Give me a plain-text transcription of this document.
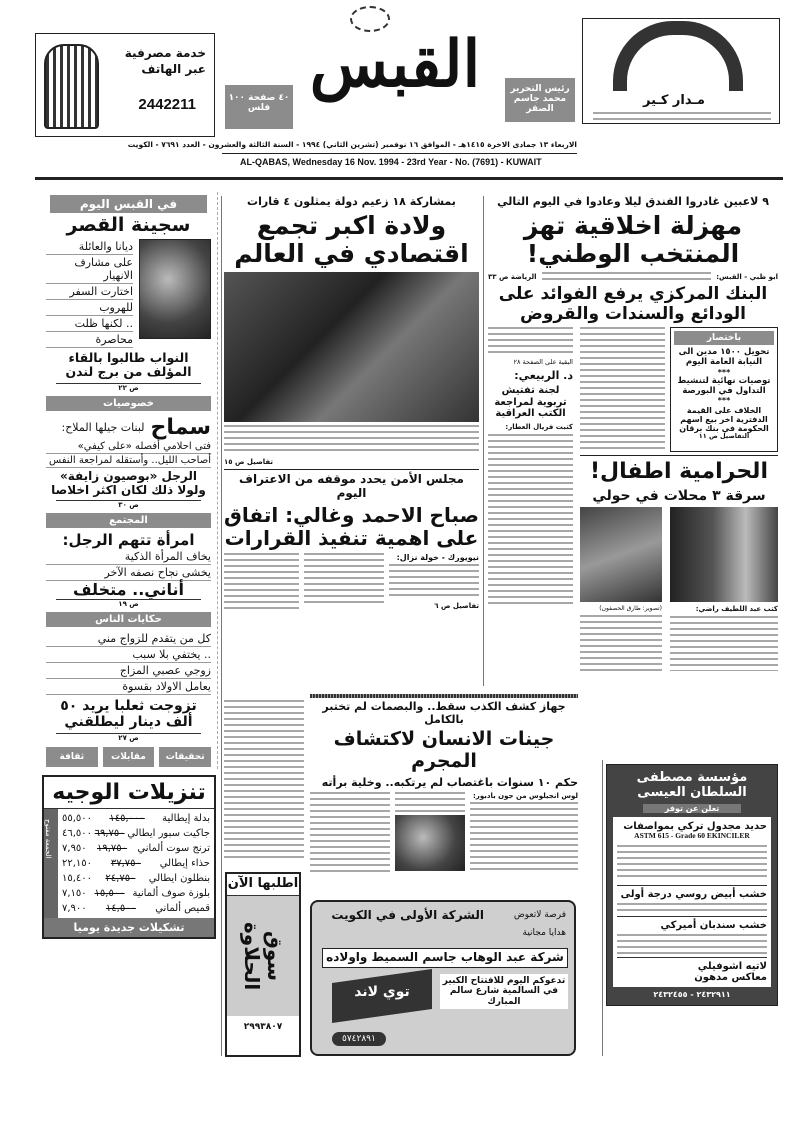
خدمة مصرفية
عبر الهاتف
2442211	٤٠ صفحة ١٠٠ فلس
القبس	رئيس التحرير محمد جاسم الصقر
مـدار كـير
الاربعاء ١٣ جمادى الاخرة ١٤١٥هـ - الموافق ١٦ نوفمبر (تشرين الثاني) ١٩٩٤ - السنة الثالثة والعشرون - العدد ٧٦٩١ - الكويت
AL-QABAS, Wednesday 16 Nov. 1994 - 23rd Year - No. (7691) - KUWAIT
في القبس اليوم
سجينة القصر
ديانا والعائلة
على مشارف الانهيار
اختارت السفر
للهروب
.. لكنها ظلت
محاصرة
النواب طالبوا بالقاء المؤلف من برج لندن
ص ٢٢
خصوصيات
سماح
لبنات جيلها الملاح:
فتى احلامي أفصله «على كيفي»
أصاحب الليل.. وأستقله لمراجعة النفس
الرجل «بوصيون زايفة» ولولا ذلك لكان اكثر اخلاصا
ص ٣٠
المجتمع
امرأة تتهم الرجل:
يخاف المرأة الذكية
يخشى نجاح نصفه الآخر
أناني.. متخلف
ص ١٩
حكايات الناس
كل من يتقدم للزواج مني
.. يختفي بلا سبب
زوجي عصبي المزاج
يعامل الاولاد بقسوة
تزوجت ثعلبا يريد ٥٠ ألف دينار ليطلقني
ص ٢٧
ثقافة	مقابلات	تحقيقات
تنزيلات الوجيه
الجمعة مفتوح
بدلة إيطالية
١٤٥,٠٠٠
٥٥,٥٠٠
جاكيت سبور ايطالي
٦٩,٧٥٠
٤٦,٥٠٠
ترنج سوت ألماني
١٩,٧٥٠
٧,٩٥٠
حذاء إيطالي
٣٧,٧٥٠
٢٢,١٥٠
بنطلون ايطالي
٢٤,٧٥٠
١٥,٤٠٠
بلوزة صوف ألمانية
١٥,٥٠٠
٧,١٥٠
قميص ألماني
١٤,٥٠٠
٧,٩٠٠
تشكيلات جديدة يوميا
بمشاركة ١٨ زعيم دولة يمثلون ٤ قارات
ولادة اكبر تجمع اقتصادي في العالم
تفاصيل ص ١٥
مجلس الأمن يحدد موقفه من الاعتراف اليوم
صباح الاحمد وغالي: اتفاق على اهمية تنفيذ القرارات
نيويورك - خولة نزال:
تفاصيل ص ٦
٩ لاعبين غادروا الفندق ليلا وعادوا في اليوم التالي
مهزلة اخلاقية تهز المنتخب الوطني!
الرياضة ص ٣٣	ابو ظبي - القبس:
البنك المركزي يرفع الفوائد على الودائع والسندات والقروض
البقية على الصفحة ٢٨
د. الربيعي:
لجنة تفتيش تربوية لمراجعة الكتب العراقية
كتبت فريال العطار:
باختصار
تحويل ١٥٠٠ مدين الى النيابة العامة اليوم
***
توصيات نهائية لتنشيط التداول في البورصة
***
الخلاف على القيمة الدفترية اخر بيع اسهم الحكومة في بنك برقان
التفاصيل ص ١١
الحرامية اطفال!
سرقة ٣ محلات في حولي
(تصوير: طارق الحصفون)	كتب عبد اللطيف راضي:
جهاز كشف الكذب سقط.. والبصمات لم تختبر بالكامل
جينات الانسان لاكتشاف المجرم
حكم ١٠ سنوات باغتصاب لم يرتكبه.. وخلية برأته
لوس انجيلوس من جون بادبور:
اطلبها الآن
سوق الحلاوة
٢٩٩٣٨٠٧
فرصة لاتعوض
الشركة الأولى في الكويت
هدايا مجانية
شركة عبد الوهاب جاسم السميط واولاده
توي لاند
تدعوكم اليوم للافتتاح الكبير في السالمية شارع سالم المبارك
٥٧٤٢٨٩١
مؤسسة مصطفى السلطان العيسى
تعلن عن توفر
حديد مجدول تركي بمواصفات
ASTM 615 - Grade 60 EKINCILER
خشب أبيض روسي درجة أولى
خشب سندبان أميركي
لاتيه اشوفيلي
معاكس مدهون
٢٤٣٢٩١١ - ٢٤٣٢٤٥٥
